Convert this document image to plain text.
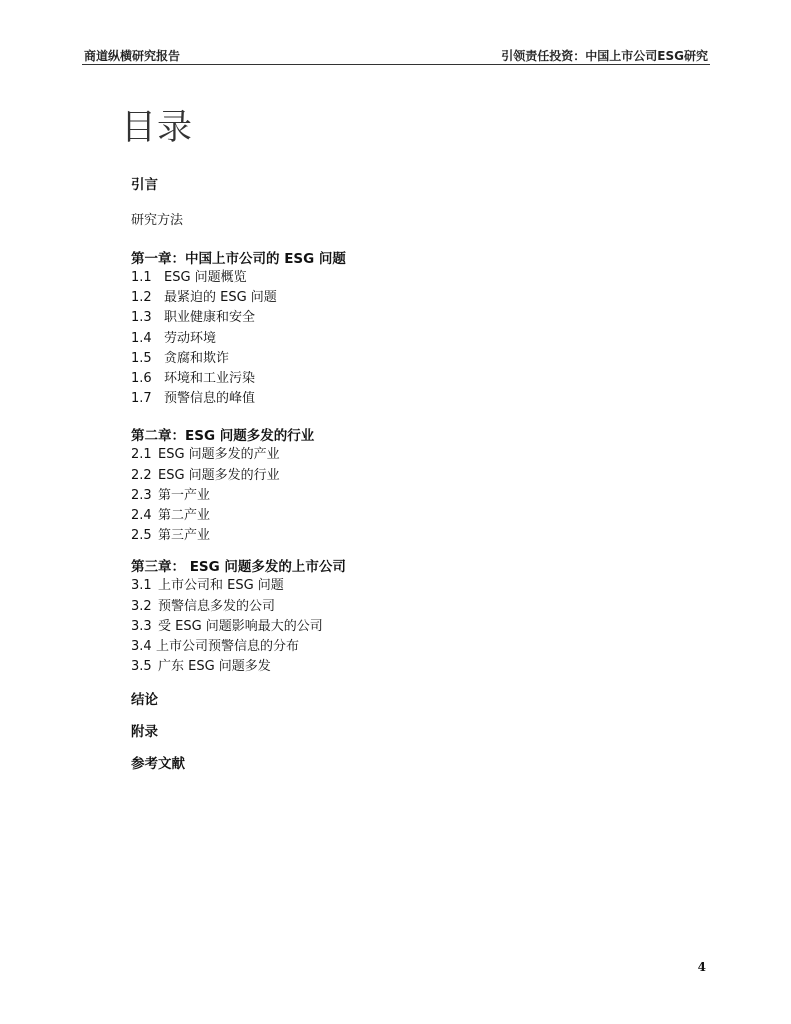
商道纵横研究报告	引领责任投资：中国上市公司ESG研究
目录
引言
研究方法
第一章：中国上市公司的 ESG 问题
1.1 ESG 问题概览
1.2 最紧迫的 ESG 问题
1.3 职业健康和安全
1.4 劳动环境
1.5 贪腐和欺诈
1.6 环境和工业污染
1.7 预警信息的峰值
第二章：ESG 问题多发的行业
2.1 ESG 问题多发的产业
2.2 ESG 问题多发的行业
2.3 第一产业
2.4 第二产业
2.5 第三产业
第三章： ESG 问题多发的上市公司
3.1 上市公司和 ESG 问题
3.2 预警信息多发的公司
3.3 受 ESG 问题影响最大的公司
3.4 上市公司预警信息的分布
3.5 广东 ESG 问题多发
结论
附录
参考文献
4
